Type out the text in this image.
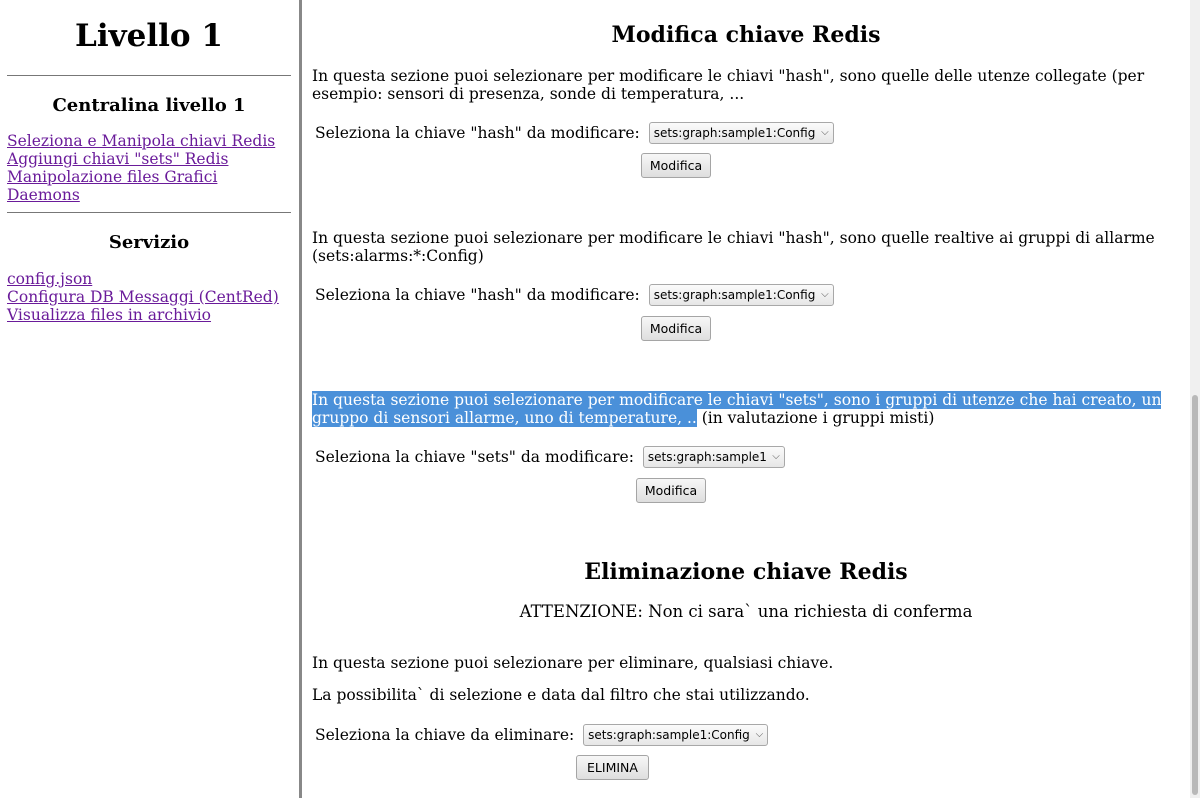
Livello 1
Centralina livello 1
Seleziona e Manipola chiavi Redis
Aggiungi chiavi "sets" Redis
Manipolazione files Grafici
Daemons
Servizio
config.json
Configura DB Messaggi (CentRed)
Visualizza files in archivio
Modifica chiave Redis

In questa sezione puoi selezionare per modificare le chiavi "hash", sono quelle delle utenze collegate (per esempio: sensori di presenza, sonde di temperatura, ...

Seleziona la chiave "hash" da modificare: sets:graph:sample1:Config ⌵
Modifica

In questa sezione puoi selezionare per modificare le chiavi "hash", sono quelle realtive ai gruppi di allarme (sets:alarms:*:Config)

Seleziona la chiave "hash" da modificare: sets:graph:sample1:Config ⌵
Modifica

In questa sezione puoi selezionare per modificare le chiavi "sets", sono i gruppi di utenze che hai creato, un gruppo di sensori allarme, uno di temperature, .. (in valutazione i gruppi misti)

Seleziona la chiave "sets" da modificare: sets:graph:sample1 ⌵
Modifica
Eliminazione chiave Redis

ATTENZIONE: Non ci sara` una richiesta di conferma

In questa sezione puoi selezionare per eliminare, qualsiasi chiave.

La possibilita` di selezione e data dal filtro che stai utilizzando.

Seleziona la chiave da eliminare: sets:graph:sample1:Config ⌵
ELIMINA
